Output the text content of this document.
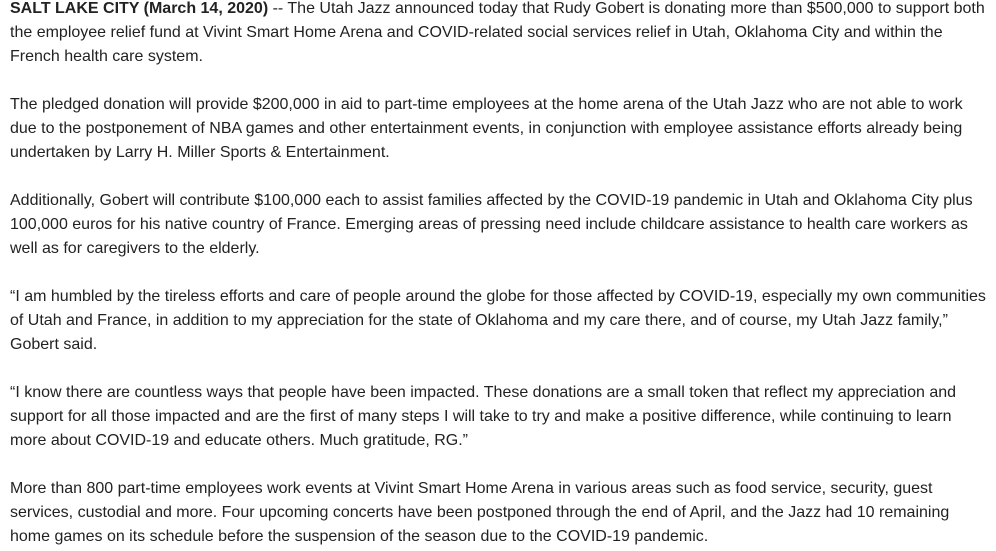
SALT LAKE CITY (March 14, 2020) -- The Utah Jazz announced today that Rudy Gobert is donating more than $500,000 to support both the employee relief fund at Vivint Smart Home Arena and COVID-related social services relief in Utah, Oklahoma City and within the French health care system.

The pledged donation will provide $200,000 in aid to part-time employees at the home arena of the Utah Jazz who are not able to work due to the postponement of NBA games and other entertainment events, in conjunction with employee assistance efforts already being undertaken by Larry H. Miller Sports & Entertainment.

Additionally, Gobert will contribute $100,000 each to assist families affected by the COVID-19 pandemic in Utah and Oklahoma City plus 100,000 euros for his native country of France. Emerging areas of pressing need include childcare assistance to health care workers as well as for caregivers to the elderly.

“I am humbled by the tireless efforts and care of people around the globe for those affected by COVID-19, especially my own communities of Utah and France, in addition to my appreciation for the state of Oklahoma and my care there, and of course, my Utah Jazz family,” Gobert said.

“I know there are countless ways that people have been impacted. These donations are a small token that reflect my appreciation and support for all those impacted and are the first of many steps I will take to try and make a positive difference, while continuing to learn more about COVID-19 and educate others. Much gratitude, RG.”

More than 800 part-time employees work events at Vivint Smart Home Arena in various areas such as food service, security, guest services, custodial and more. Four upcoming concerts have been postponed through the end of April, and the Jazz had 10 remaining home games on its schedule before the suspension of the season due to the COVID-19 pandemic.
